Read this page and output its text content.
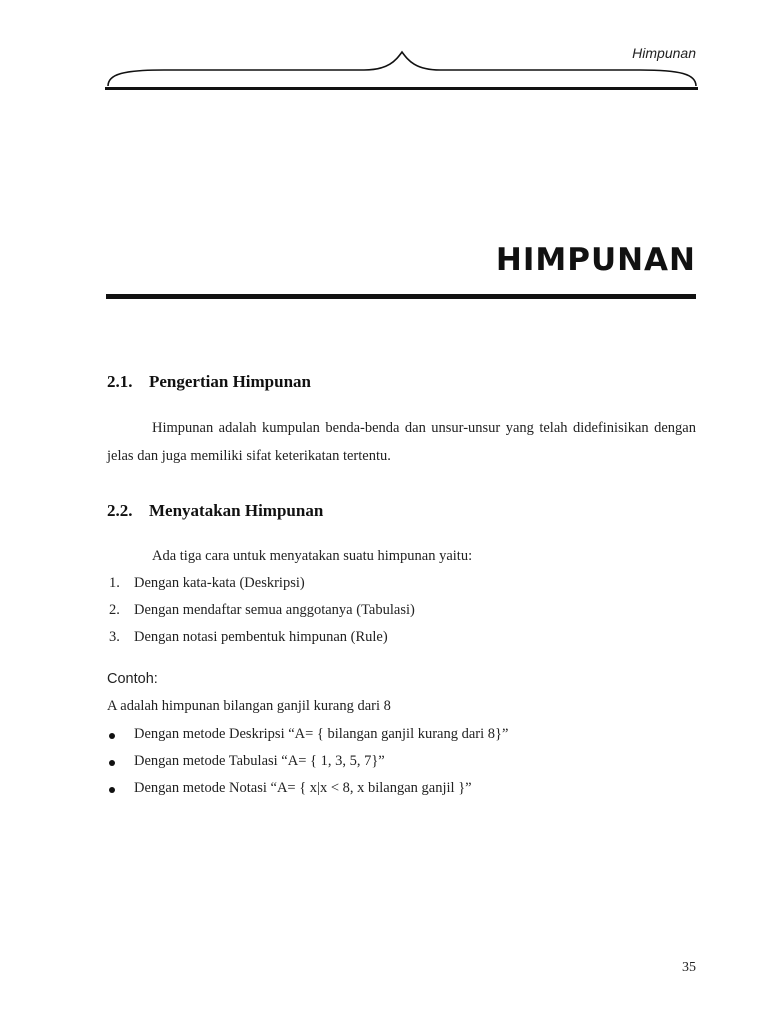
Himpunan
HIMPUNAN
2.1. Pengertian Himpunan
Himpunan adalah kumpulan benda-benda dan unsur-unsur yang telah didefinisikan dengan jelas dan juga memiliki sifat keterikatan tertentu.
2.2. Menyatakan Himpunan
Ada tiga cara untuk menyatakan suatu himpunan yaitu:
1. Dengan kata-kata (Deskripsi)
2. Dengan mendaftar semua anggotanya (Tabulasi)
3. Dengan notasi pembentuk himpunan (Rule)
Contoh:
A adalah himpunan bilangan ganjil kurang dari 8
Dengan metode Deskripsi “A= { bilangan ganjil kurang dari 8}”
Dengan metode Tabulasi “A= { 1, 3, 5, 7}”
Dengan metode Notasi “A= { x|x < 8, x bilangan ganjil }”
35
